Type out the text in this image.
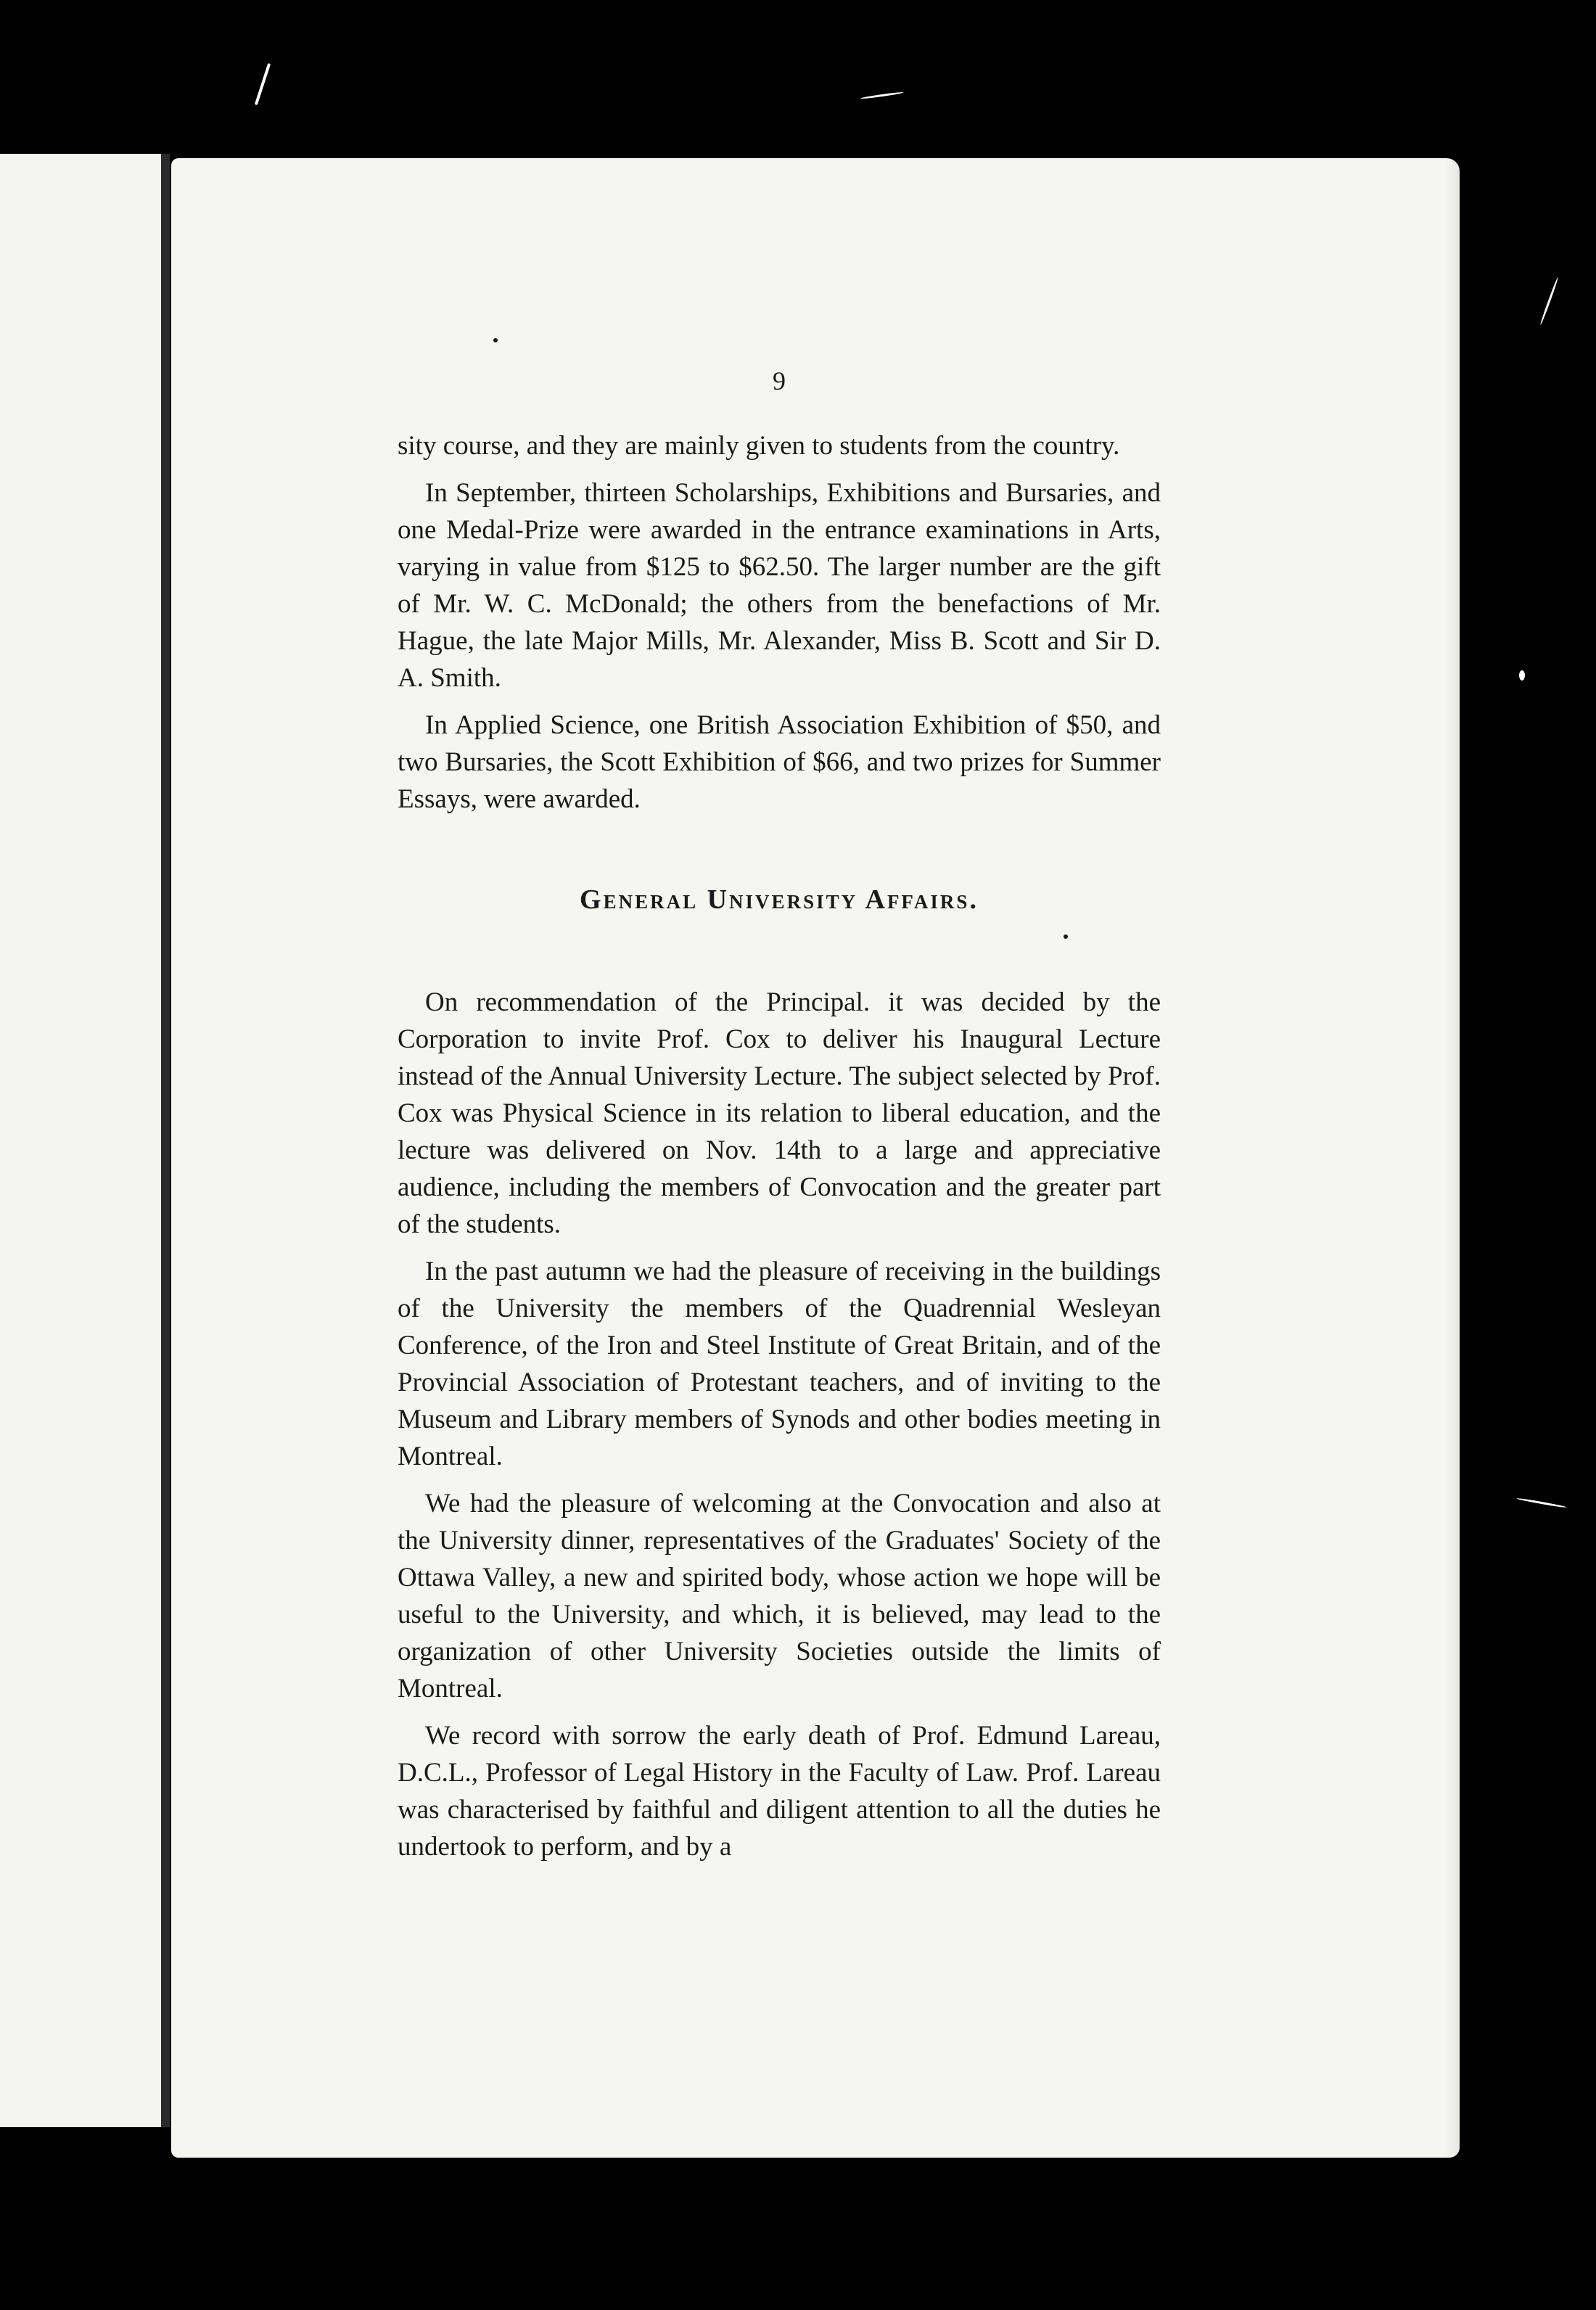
9

sity course, and they are mainly given to students from the country.

In September, thirteen Scholarships, Exhibitions and Bursaries, and one Medal-Prize were awarded in the entrance examinations in Arts, varying in value from $125 to $62.50. The larger number are the gift of Mr. W. C. McDonald; the others from the benefactions of Mr. Hague, the late Major Mills, Mr. Alexander, Miss B. Scott and Sir D. A. Smith.

In Applied Science, one British Association Exhibition of $50, and two Bursaries, the Scott Exhibition of $66, and two prizes for Summer Essays, were awarded.

General University Affairs.

On recommendation of the Principal. it was decided by the Corporation to invite Prof. Cox to deliver his Inaugural Lecture instead of the Annual University Lecture. The subject selected by Prof. Cox was Physical Science in its relation to liberal education, and the lecture was delivered on Nov. 14th to a large and appreciative audience, including the members of Convocation and the greater part of the students.

In the past autumn we had the pleasure of receiving in the buildings of the University the members of the Quadrennial Wesleyan Conference, of the Iron and Steel Institute of Great Britain, and of the Provincial Association of Protestant teachers, and of inviting to the Museum and Library members of Synods and other bodies meeting in Montreal.

We had the pleasure of welcoming at the Convocation and also at the University dinner, representatives of the Graduates' Society of the Ottawa Valley, a new and spirited body, whose action we hope will be useful to the University, and which, it is believed, may lead to the organization of other University Societies outside the limits of Montreal.

We record with sorrow the early death of Prof. Edmund Lareau, D.C.L., Professor of Legal History in the Faculty of Law. Prof. Lareau was characterised by faithful and diligent attention to all the duties he undertook to perform, and by a
